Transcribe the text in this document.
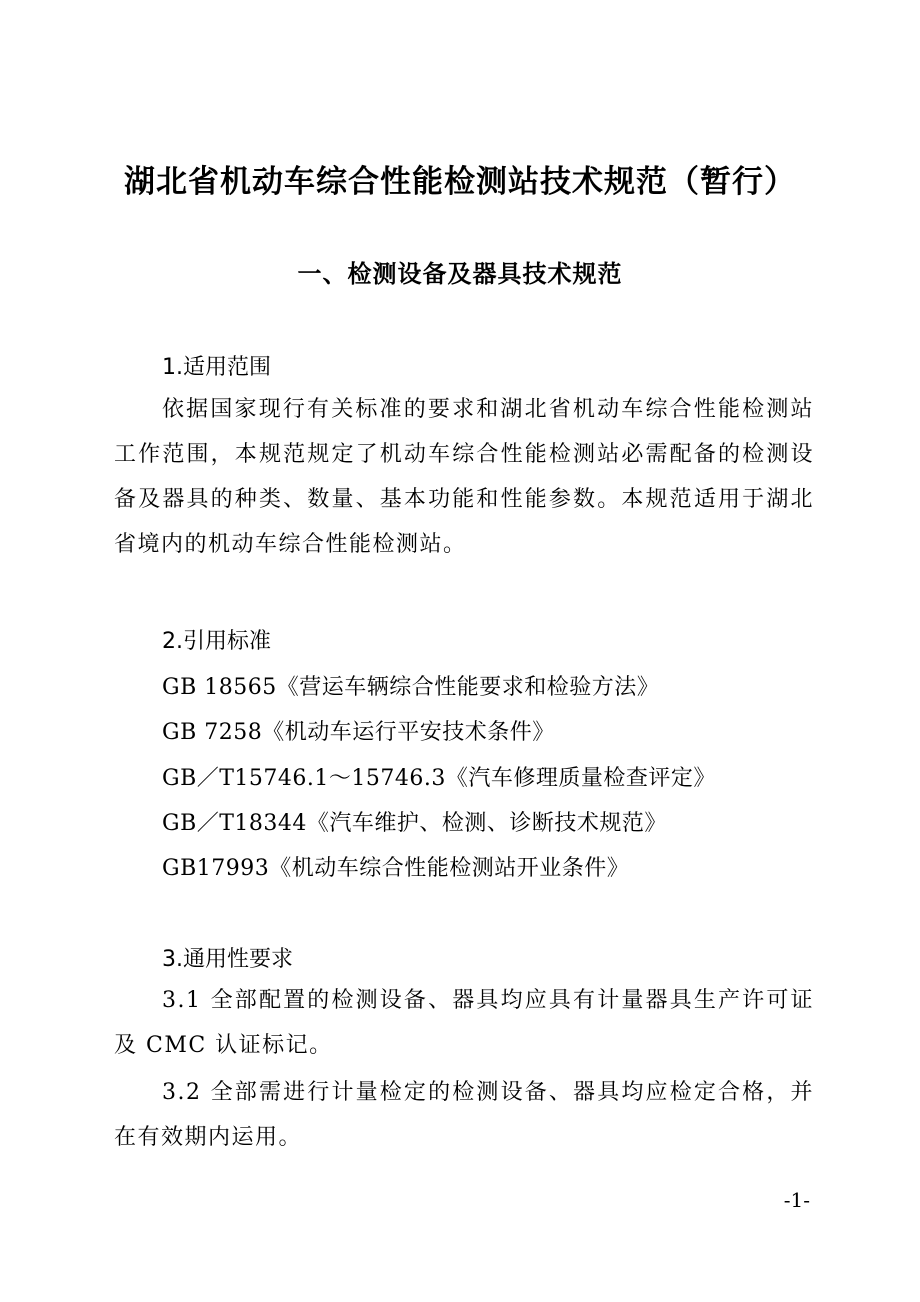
湖北省机动车综合性能检测站技术规范（暂行）
一、检测设备及器具技术规范
1.适用范围

依据国家现行有关标准的要求和湖北省机动车综合性能检测站工作范围，本规范规定了机动车综合性能检测站必需配备的检测设备及器具的种类、数量、基本功能和性能参数。本规范适用于湖北省境内的机动车综合性能检测站。

2.引用标准

GB 18565《营运车辆综合性能要求和检验方法》

GB 7258《机动车运行平安技术条件》

GB／T15746.1～15746.3《汽车修理质量检查评定》

GB／T18344《汽车维护、检测、诊断技术规范》

GB17993《机动车综合性能检测站开业条件》

3.通用性要求

3.1 全部配置的检测设备、器具均应具有计量器具生产许可证及 CMC 认证标记。

3.2 全部需进行计量检定的检测设备、器具均应检定合格，并在有效期内运用。

-1-
